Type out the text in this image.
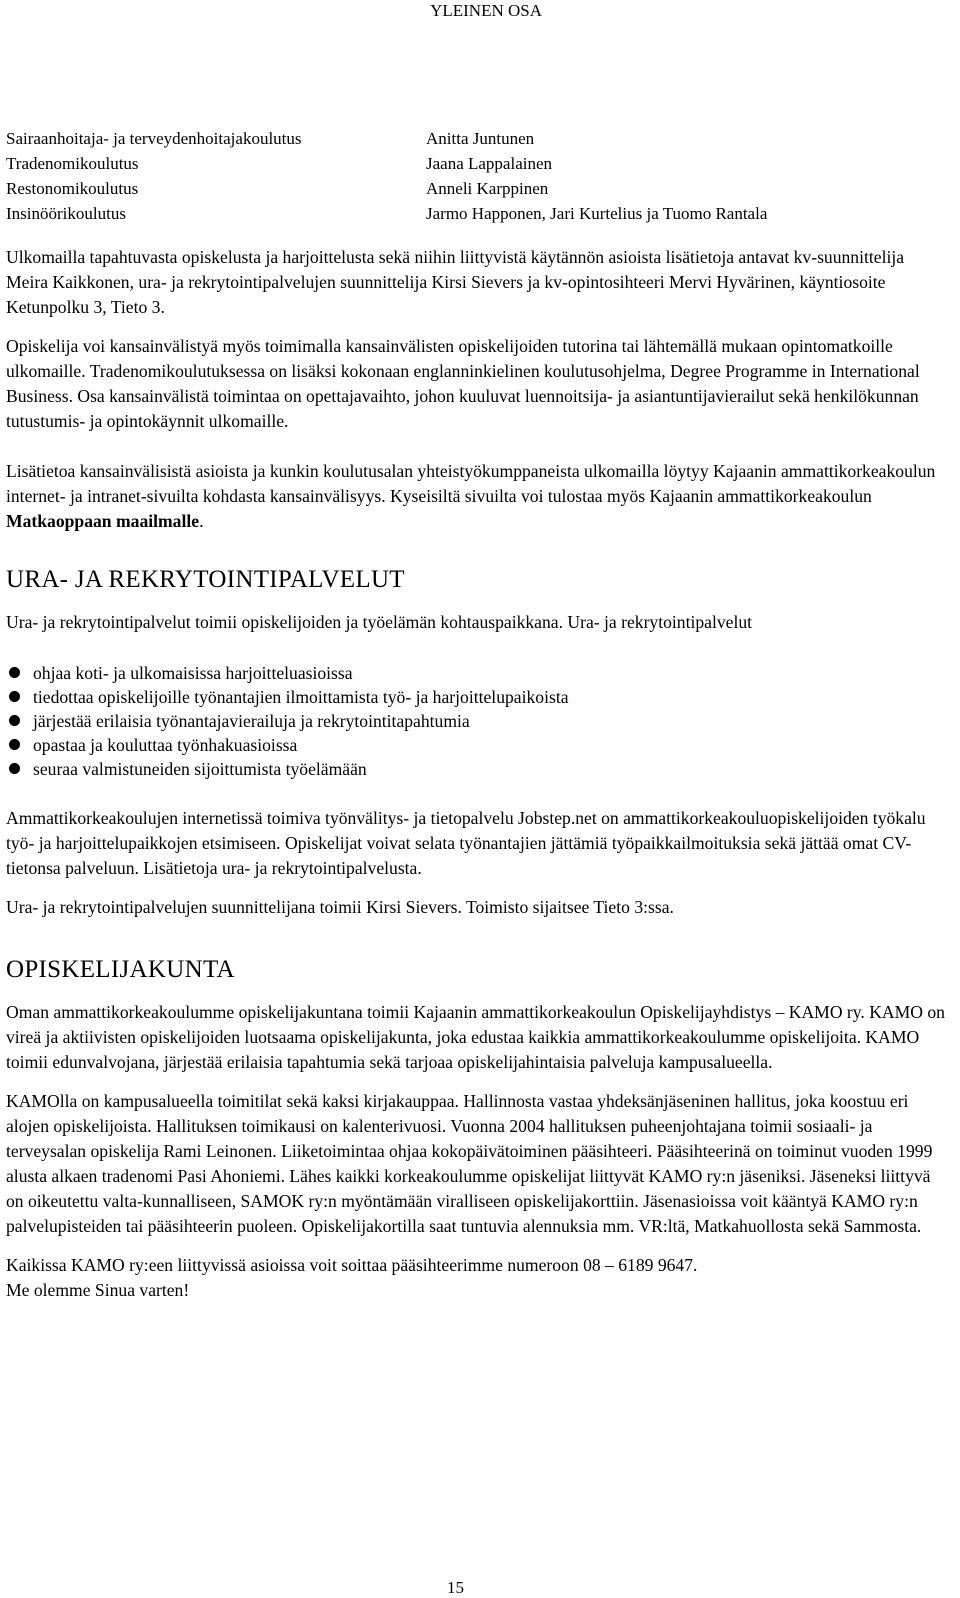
YLEINEN OSA
Sairaanhoitaja- ja terveydenhoitajakoulutus	Anitta Juntunen
Tradenomikoulutus	Jaana Lappalainen
Restonomikoulutus	Anneli Karppinen
Insinöörikoulutus	Jarmo Happonen, Jari Kurtelius ja Tuomo Rantala

Ulkomailla tapahtuvasta opiskelusta ja harjoittelusta sekä niihin liittyvistä käytännön asioista lisätietoja antavat kv-suunnittelija Meira Kaikkonen, ura- ja rekrytointipalvelujen suunnittelija Kirsi Sievers ja kv-opintosihteeri Mervi Hyvärinen, käyntiosoite Ketunpolku 3, Tieto 3.

Opiskelija voi kansainvälistyä myös toimimalla kansainvälisten opiskelijoiden tutorina tai lähtemällä mukaan opintomatkoille ulkomaille. Tradenomikoulutuksessa on lisäksi kokonaan englanninkielinen koulutusohjelma, Degree Programme in International Business. Osa kansainvälistä toimintaa on opettajavaihto, johon kuuluvat luennoitsija- ja asiantuntijavierailut sekä henkilökunnan tutustumis- ja opintokäynnit ulkomaille.

Lisätietoa kansainvälisistä asioista ja kunkin koulutusalan yhteistyökumppaneista ulkomailla löytyy Kajaanin ammattikorkeakoulun internet- ja intranet-sivuilta kohdasta kansainvälisyys. Kyseisiltä sivuilta voi tulostaa myös Kajaanin ammattikorkeakoulun Matkaoppaan maailmalle.

URA- JA REKRYTOINTIPALVELUT

Ura- ja rekrytointipalvelut toimii opiskelijoiden ja työelämän kohtauspaikkana. Ura- ja rekrytointipalvelut

ohjaa koti- ja ulkomaisissa harjoitteluasioissa
tiedottaa opiskelijoille työnantajien ilmoittamista työ- ja harjoittelupaikoista
järjestää erilaisia työnantajavierailuja ja rekrytointitapahtumia
opastaa ja kouluttaa työnhakuasioissa
seuraa valmistuneiden sijoittumista työelämään

Ammattikorkeakoulujen internetissä toimiva työnvälitys- ja tietopalvelu Jobstep.net on ammattikorkeakouluopiskelijoiden työkalu työ- ja harjoittelupaikkojen etsimiseen. Opiskelijat voivat selata työnantajien jättämiä työpaikkailmoituksia sekä jättää omat CV-tietonsa palveluun. Lisätietoja ura- ja rekrytointipalvelusta.

Ura- ja rekrytointipalvelujen suunnittelijana toimii Kirsi Sievers. Toimisto sijaitsee Tieto 3:ssa.

OPISKELIJAKUNTA

Oman ammattikorkeakoulumme opiskelijakuntana toimii Kajaanin ammattikorkeakoulun Opiskelijayhdistys – KAMO ry. KAMO on vireä ja aktiivisten opiskelijoiden luotsaama opiskelijakunta, joka edustaa kaikkia ammattikorkeakoulumme opiskelijoita. KAMO toimii edunvalvojana, järjestää erilaisia tapahtumia sekä tarjoaa opiskelijahintaisia palveluja kampusalueella.

KAMOlla on kampusalueella toimitilat sekä kaksi kirjakauppaa. Hallinnosta vastaa yhdeksänjäseninen hallitus, joka koostuu eri alojen opiskelijoista. Hallituksen toimikausi on kalenterivuosi. Vuonna 2004 hallituksen puheenjohtajana toimii sosiaali- ja terveysalan opiskelija Rami Leinonen. Liiketoimintaa ohjaa kokopäivätoiminen pääsihteeri. Pääsihteerinä on toiminut vuoden 1999 alusta alkaen tradenomi Pasi Ahoniemi. Lähes kaikki korkeakoulumme opiskelijat liittyvät KAMO ry:n jäseniksi. Jäseneksi liittyvä on oikeutettu valta-kunnalliseen, SAMOK ry:n myöntämään viralliseen opiskelijakorttiin. Jäsenasioissa voit kääntyä KAMO ry:n palvelupisteiden tai pääsihteerin puoleen. Opiskelijakortilla saat tuntuvia alennuksia mm. VR:ltä, Matkahuollosta sekä Sammosta.

Kaikissa KAMO ry:een liittyvissä asioissa voit soittaa pääsihteerimme numeroon 08 – 6189 9647.
Me olemme Sinua varten!

15
